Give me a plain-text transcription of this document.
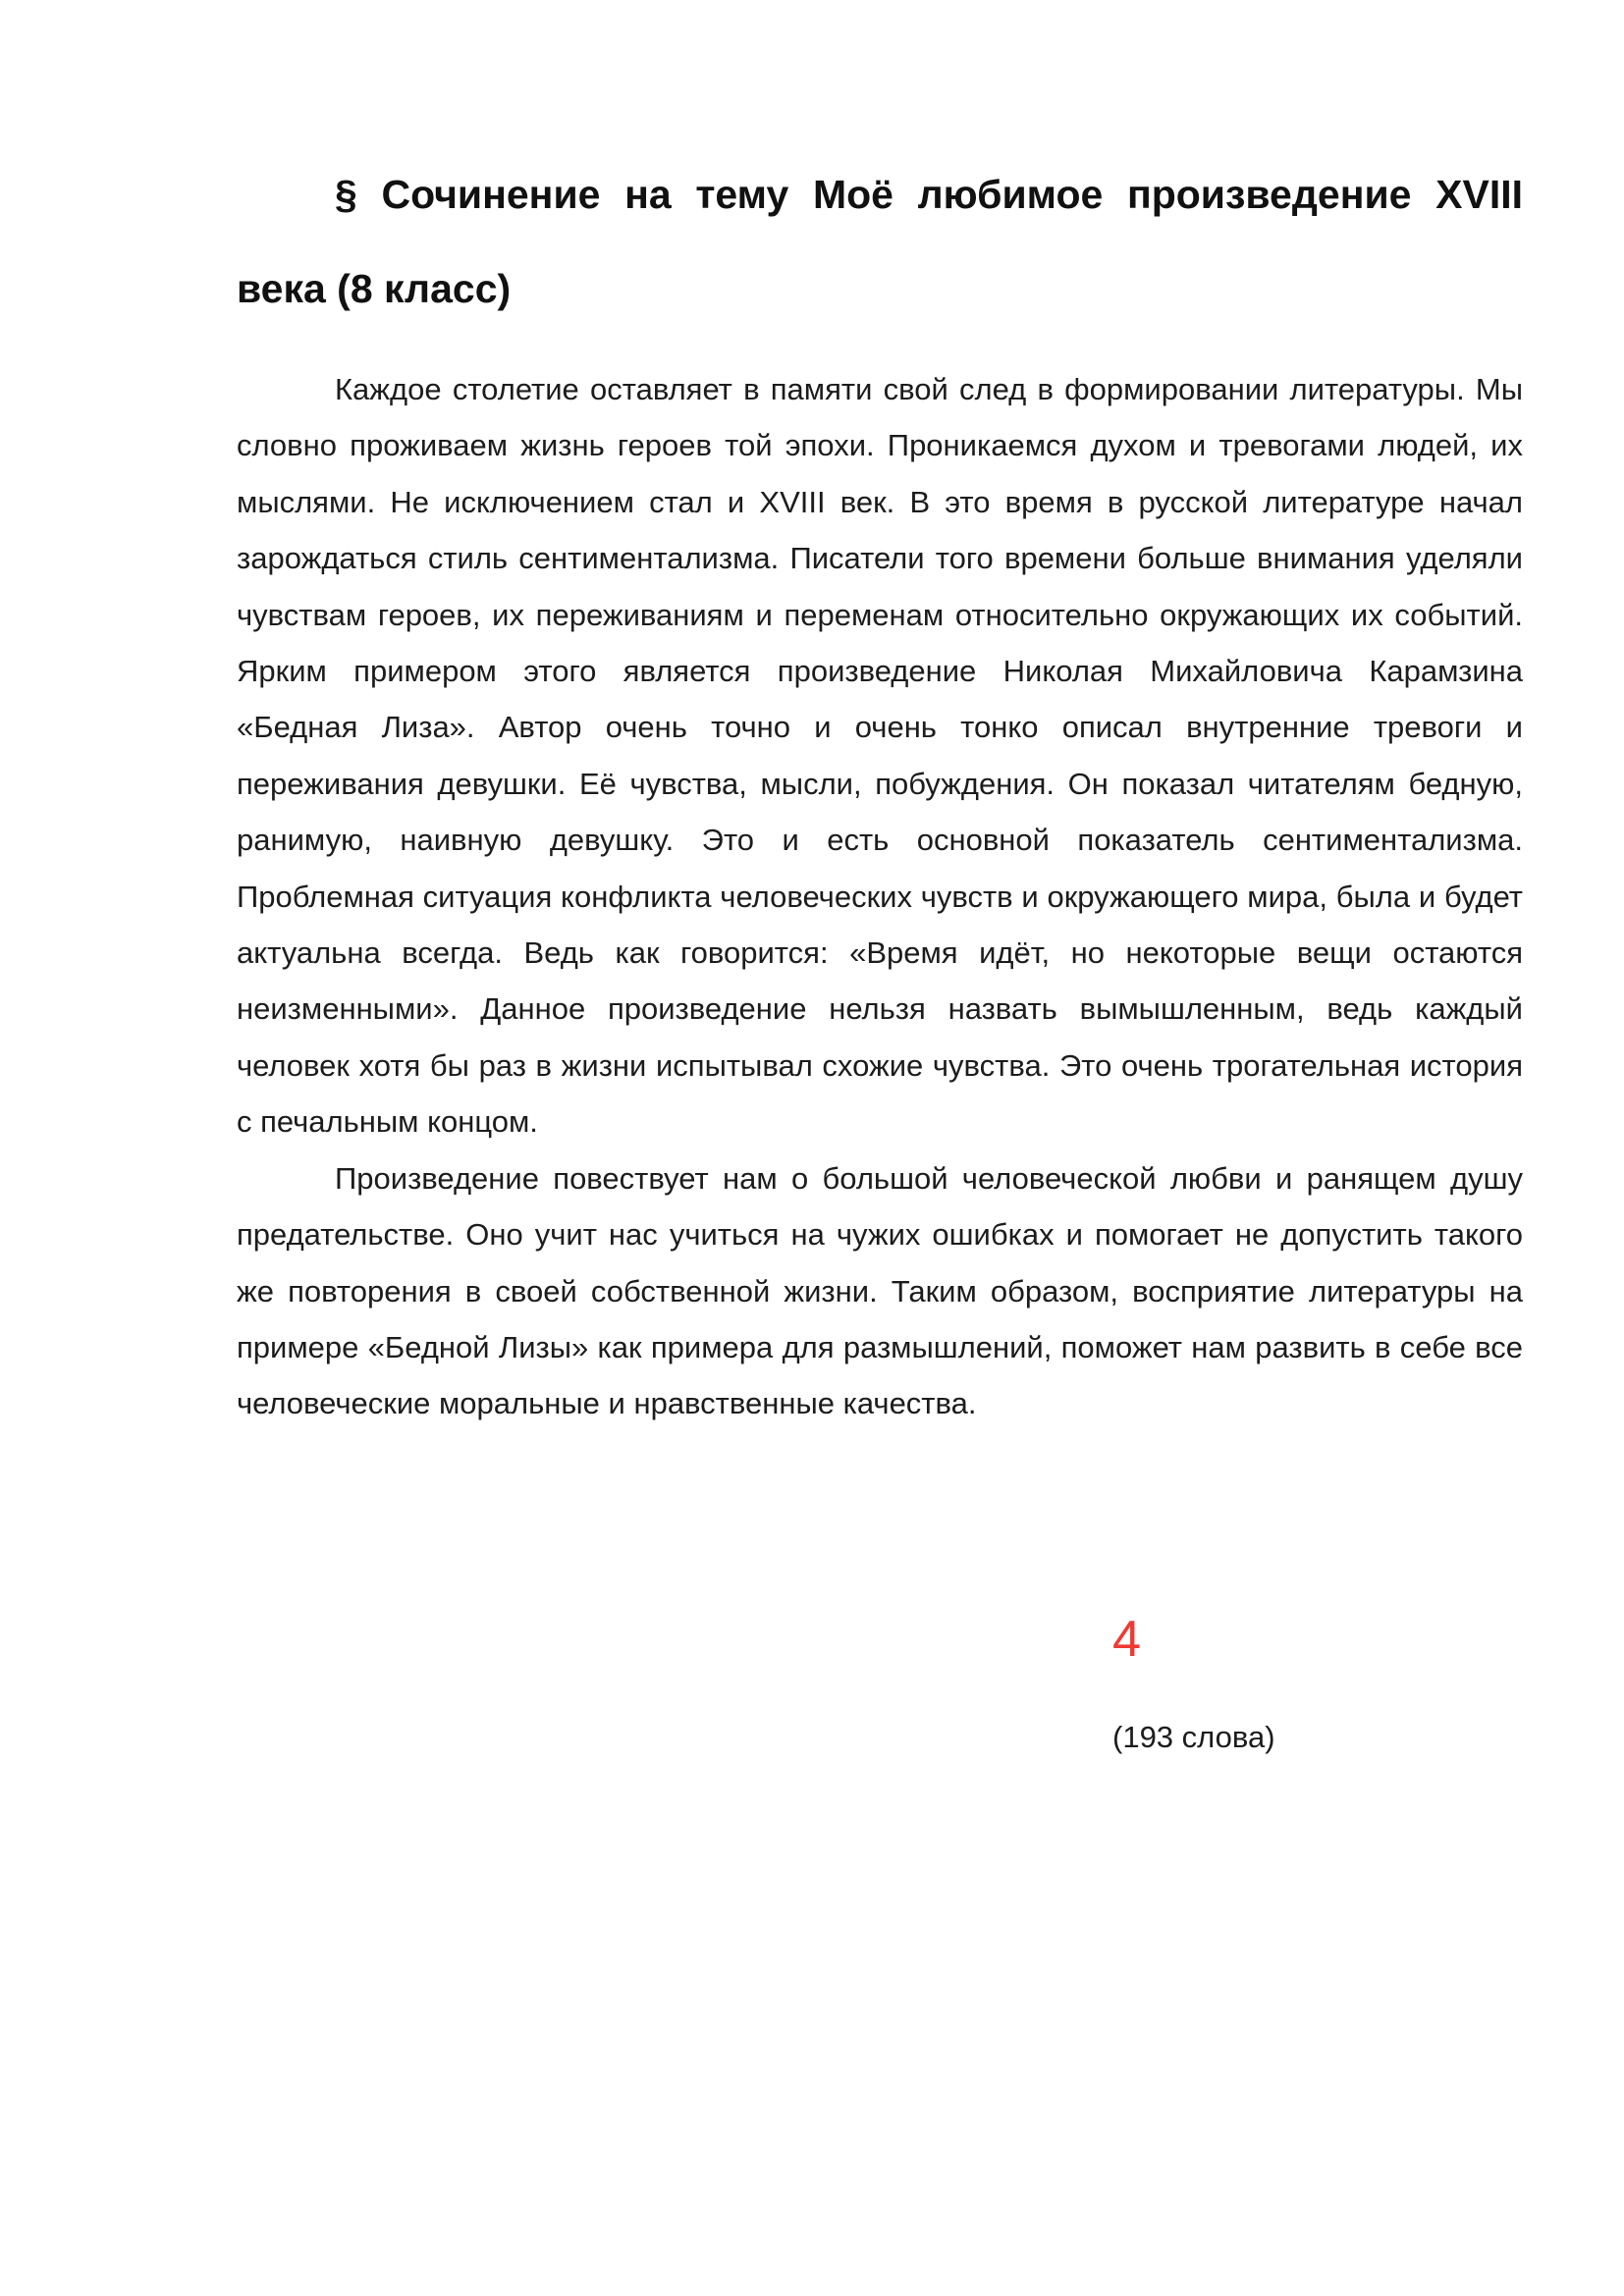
§ Сочинение на тему Моё любимое произведение XVIII века (8 класс)

Каждое столетие оставляет в памяти свой след в формировании литературы. Мы словно проживаем жизнь героев той эпохи. Проникаемся духом и тревогами людей, их мыслями. Не исключением стал и XVIII век. В это время в русской литературе начал зарождаться стиль сентиментализма. Писатели того времени больше внимания уделяли чувствам героев, их переживаниям и переменам относительно окружающих их событий. Ярким примером этого является произведение Николая Михайловича Карамзина «Бедная Лиза». Автор очень точно и очень тонко описал внутренние тревоги и переживания девушки. Её чувства, мысли, побуждения. Он показал читателям бедную, ранимую, наивную девушку. Это и есть основной показатель сентиментализма. Проблемная ситуация конфликта человеческих чувств и окружающего мира, была и будет актуальна всегда. Ведь как говорится: «Время идёт, но некоторые вещи остаются неизменными». Данное произведение нельзя назвать вымышленным, ведь каждый человек хотя бы раз в жизни испытывал схожие чувства. Это очень трогательная история с печальным концом.

Произведение повествует нам о большой человеческой любви и ранящем душу предательстве. Оно учит нас учиться на чужих ошибках и помогает не допустить такого же повторения в своей собственной жизни. Таким образом, восприятие литературы на примере «Бедной Лизы» как примера для размышлений, поможет нам развить в себе все человеческие моральные и нравственные качества.

4
(193 слова)
